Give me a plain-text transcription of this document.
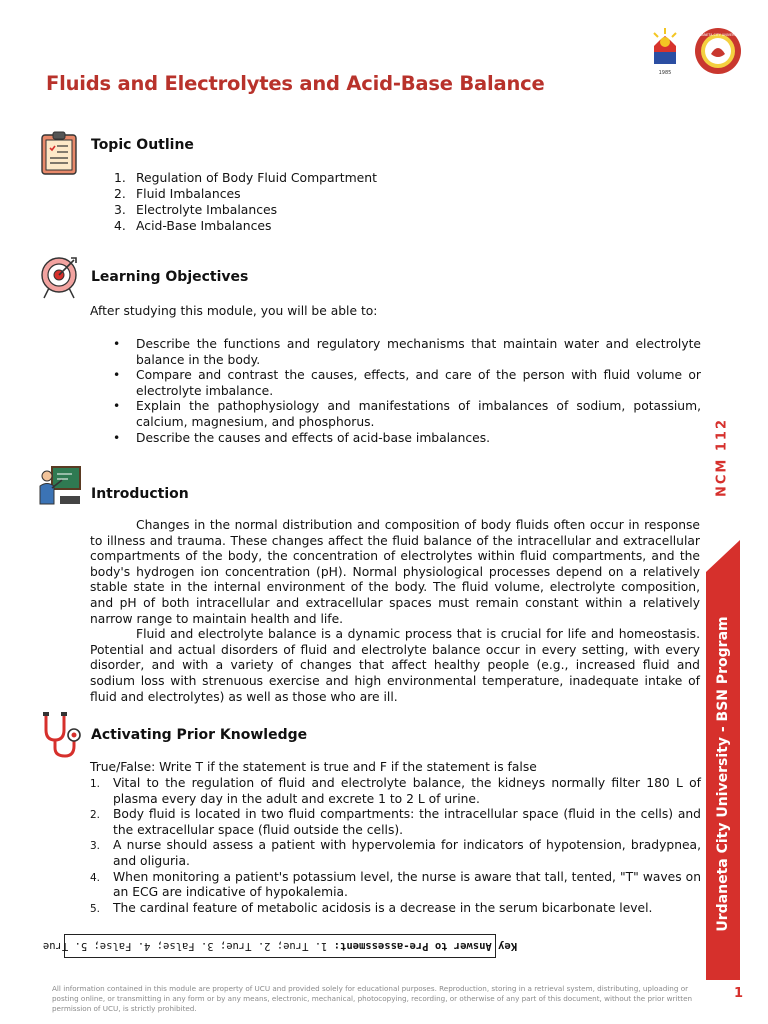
Fluids and Electrolytes and Acid-Base Balance	1985
URDANETA CITY UNIVERSITY
Topic Outline
1. Regulation of Body Fluid Compartment
2. Fluid Imbalances
3. Electrolyte Imbalances
4. Acid-Base Imbalances
Learning Objectives
After studying this module, you will be able to:
• Describe the functions and regulatory mechanisms that maintain water and electrolyte balance in the body.
• Compare and contrast the causes, effects, and care of the person with fluid volume or electrolyte imbalance.
• Explain the pathophysiology and manifestations of imbalances of sodium, potassium, calcium, magnesium, and phosphorus.
• Describe the causes and effects of acid-base imbalances.
Introduction

Changes in the normal distribution and composition of body fluids often occur in response to illness and trauma. These changes affect the fluid balance of the intracellular and extracellular compartments of the body, the concentration of electrolytes within fluid compartments, and the body's hydrogen ion concentration (pH). Normal physiological processes depend on a relatively stable state in the internal environment of the body. The fluid volume, electrolyte composition, and pH of both intracellular and extracellular spaces must remain constant within a relatively narrow range to maintain health and life.

Fluid and electrolyte balance is a dynamic process that is crucial for life and homeostasis. Potential and actual disorders of fluid and electrolyte balance occur in every setting, with every disorder, and with a variety of changes that affect healthy people (e.g., increased fluid and sodium loss with strenuous exercise and high environmental temperature, inadequate intake of fluid and electrolytes) as well as those who are ill.

Activating Prior Knowledge
True/False: Write T if the statement is true and F if the statement is false
1. Vital to the regulation of fluid and electrolyte balance, the kidneys normally filter 180 L of plasma every day in the adult and excrete 1 to 2 L of urine.
2. Body fluid is located in two fluid compartments: the intracellular space (fluid in the cells) and the extracellular space (fluid outside the cells).
3. A nurse should assess a patient with hypervolemia for indicators of hypotension, bradypnea, and oliguria.
4. When monitoring a patient's potassium level, the nurse is aware that tall, tented, "T" waves on an ECG are indicative of hypokalemia.
5. The cardinal feature of metabolic acidosis is a decrease in the serum bicarbonate level.
Key Answer to Pre-assessment:

1. True; 2. True; 3. False; 4. False; 5. True
All information contained in this module are property of UCU and provided solely for educational purposes. Reproduction, storing in a retrieval system, distributing, uploading or posting online, or transmitting in any form or by any means, electronic, mechanical, photocopying, recording, or otherwise of any part of this document, without the prior written permission of UCU, is strictly prohibited.
NCM 112
Urdaneta City University - BSN Program
1
